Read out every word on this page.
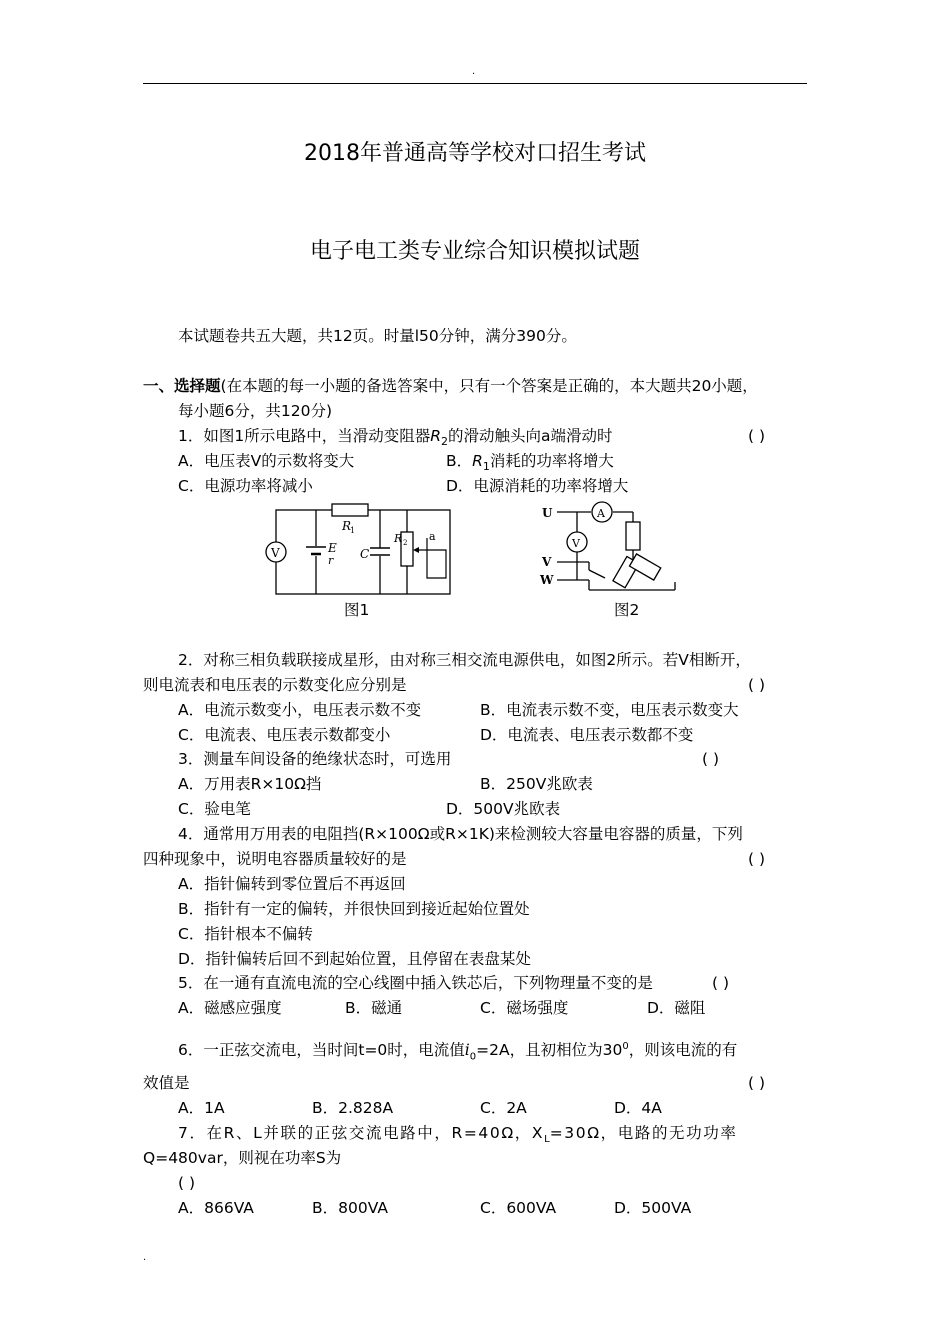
.
2018年普通高等学校对口招生考试
电子电工类专业综合知识模拟试题
本试题卷共五大题，共12页。时量l50分钟，满分390分。
一、选择题(在本题的每一小题的备选答案中，只有一个答案是正确的，本大题共20小题，
每小题6分，共120分)
1．如图1所示电路中，当滑动变阻器$R_2$的滑动触头向a端滑动时	( )
A．电压表V的示数将变大	B．$R_1$消耗的功率将增大
C．电源功率将减小	D．电源消耗的功率将增大
R
1
V	E
r C
R 2 a
图1
U
V
W
A
V
图2
2．对称三相负载联接成星形，由对称三相交流电源供电，如图2所示。若V相断开，
则电流表和电压表的示数变化应分别是	( )
A．电流示数变小，电压表示数不变	B．电流表示数不变，电压表示数变大
C．电流表、电压表示数都变小	D．电流表、电压表示数都不变
3．测量车间设备的绝缘状态时，可选用	( )
A．万用表R×10Ω挡	B．250V兆欧表
C．验电笔	D．500V兆欧表
4．通常用万用表的电阻挡(R×100Ω或R×1K)来检测较大容量电容器的质量，下列
四种现象中，说明电容器质量较好的是	( )
A．指针偏转到零位置后不再返回
B．指针有一定的偏转，并很快回到接近起始位置处
C．指针根本不偏转
D．指针偏转后回不到起始位置，且停留在表盘某处
5．在一通有直流电流的空心线圈中插入铁芯后，下列物理量不变的是	( )
A．磁感应强度	B．磁通	C．磁场强度	D．磁阻
6．一正弦交流电，当时间t=0时，电流值$i_0=2A$，且初相位为$30^0$，则该电流的有
效值是	( )
A．1A	B．2.828A	C．2A	D．4A
7．在R、L并联的正弦交流电路中，R=40Ω，$X_L=30\Omega$，电路的无功功率
Q=480var，则视在功率S为
( )
A．866VA	B．800VA	C．600VA	D．500VA
.
